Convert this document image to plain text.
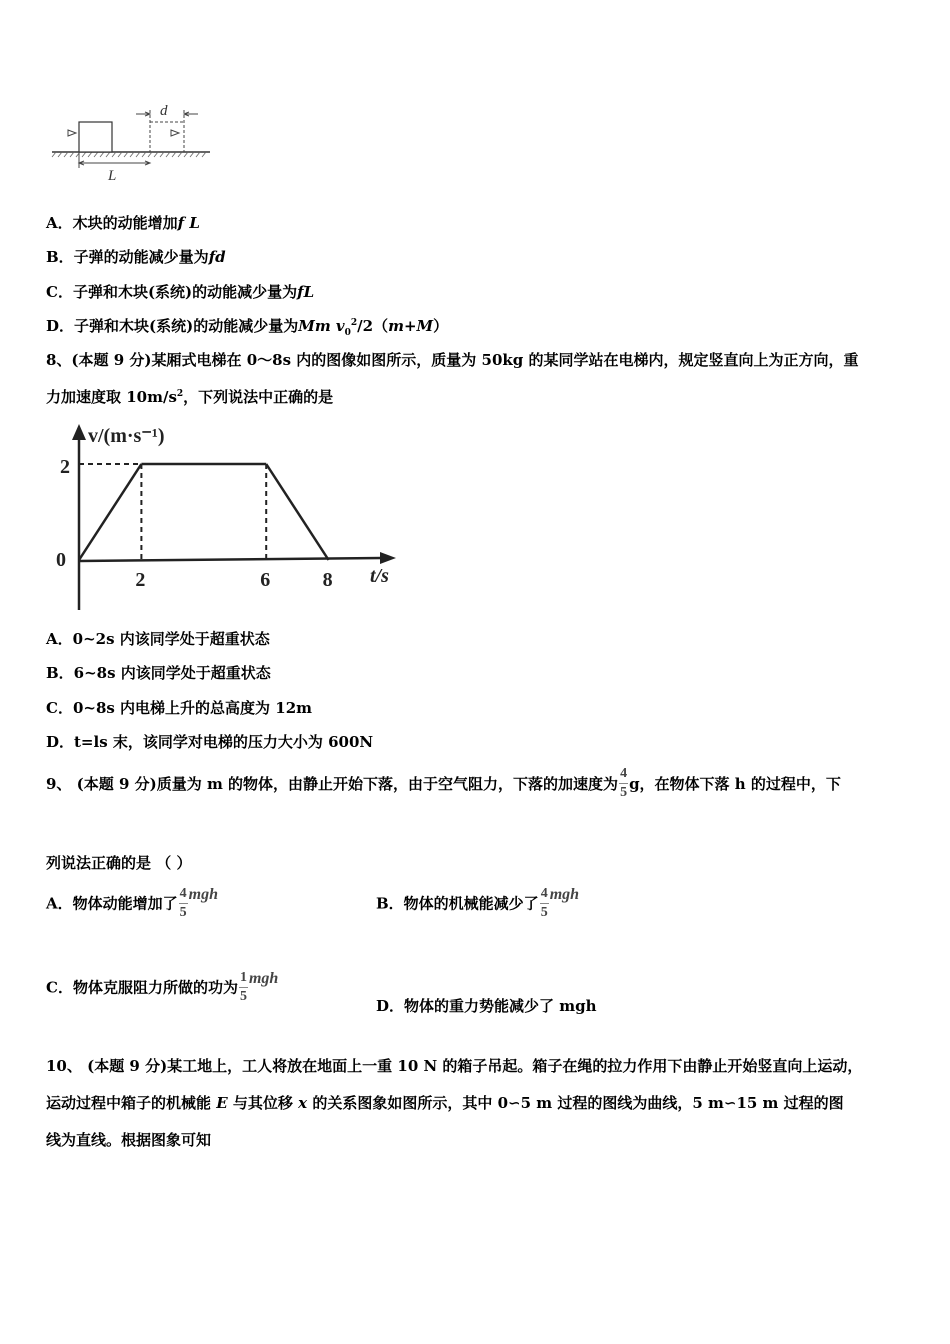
d
L
A．木块的动能增加f L
B．子弹的动能减少量为fd
C．子弹和木块(系统)的动能减少量为fL
D．子弹和木块(系统)的动能减少量为Mm $v_0^2/2(m+M)$
8、(本题 9 分)某厢式电梯在 0～8s 内的图像如图所示，质量为 50kg 的某同学站在电梯内，规定竖直向上为正方向，重
力加速度取 $10m/s^2$，下列说法中正确的是
v/(m·s⁻¹)
t/s
0
2	6	8
2
A．0~2s 内该同学处于超重状态
B．6~8s 内该同学处于超重状态
C．0~8s 内电梯上升的总高度为 12m
D．t=ls 末，该同学对电梯的压力大小为 600N
9、 (本题 9 分)质量为 m 的物体，由静止开始下落，由于空气阻力，下落的加速度为 $\frac{4}{5}$ g，在物体下落 h 的过程中，下
列说法正确的是 （ ）
A．物体动能增加了 $\frac{4}{5}$ mgh	B．物体的机械能减少了 $\frac{4}{5}$ mgh
C．物体克服阻力所做的功为 $\frac{1}{5}$ mgh
D．物体的重力势能减少了 mgh
10、 (本题 9 分)某工地上，工人将放在地面上一重 10 N 的箱子吊起。箱子在绳的拉力作用下由静止开始竖直向上运动，
运动过程中箱子的机械能 E 与其位移 x 的关系图象如图所示，其中 0∽5 m 过程的图线为曲线，5 m∽15 m 过程的图
线为直线。根据图象可知
